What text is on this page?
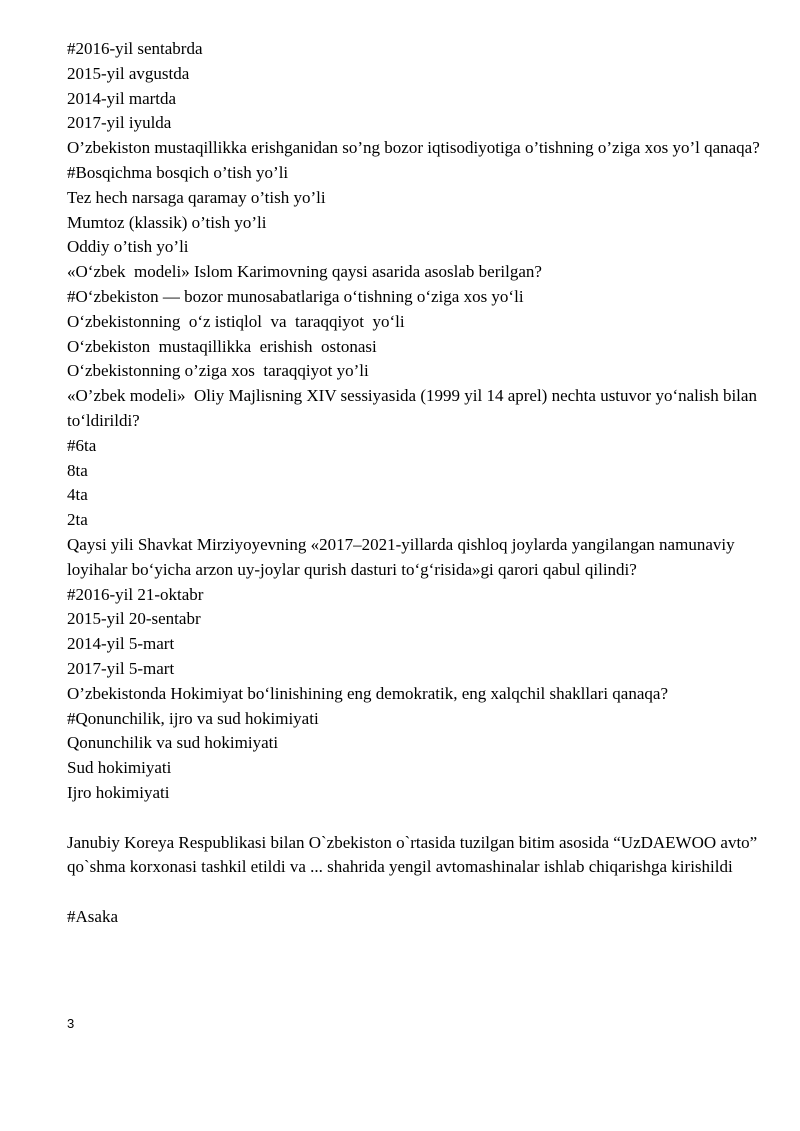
#2016-yil sentabrda
2015-yil avgustda
2014-yil martda
2017-yil iyulda
O’zbekiston mustaqillikka erishganidan so’ng bozor iqtisodiyotiga o’tishning o’ziga xos yo’l qanaqa?
#Bosqichma bosqich o’tish yo’li
Tez hech narsaga qaramay o’tish yo’li
Mumtoz (klassik) o’tish yo’li
Oddiy o’tish yo’li
«O‘zbek  modeli» Islom Karimovning qaysi asarida asoslab berilgan?
#O‘zbekiston — bozor munosabatlariga o‘tishning o‘ziga xos yo‘li
O‘zbekistonning  o‘z istiqlol  va  taraqqiyot  yo‘li
O‘zbekiston  mustaqillikka  erishish  ostonasi
O‘zbekistonning o’ziga xos  taraqqiyot yo’li
«O’zbek modeli»  Oliy Majlisning XIV sessiyasida (1999 yil 14 aprel) nechta ustuvor yo‘nalish bilan to‘ldirildi?
#6ta
8ta
4ta
2ta
Qaysi yili Shavkat Mirziyoyevning «2017–2021-yillarda qishloq joylarda yangilangan namunaviy loyihalar bo‘yicha arzon uy-joylar qurish dasturi to‘g‘risida»gi qarori qabul qilindi?
#2016-yil 21-oktabr
2015-yil 20-sentabr
2014-yil 5-mart
2017-yil 5-mart
O’zbekistonda Hokimiyat bo‘linishining eng demokratik, eng xalqchil shakllari qanaqa?
#Qonunchilik, ijro va sud hokimiyati
Qonunchilik va sud hokimiyati
Sud hokimiyati
Ijro hokimiyati
Janubiy Koreya Respublikasi bilan O`zbekiston o`rtasida tuzilgan bitim asosida “UzDAEWOO avto” qo`shma korxonasi tashkil etildi va ... shahrida yengil avtomashinalar ishlab chiqarishga kirishildi
#Asaka
3
